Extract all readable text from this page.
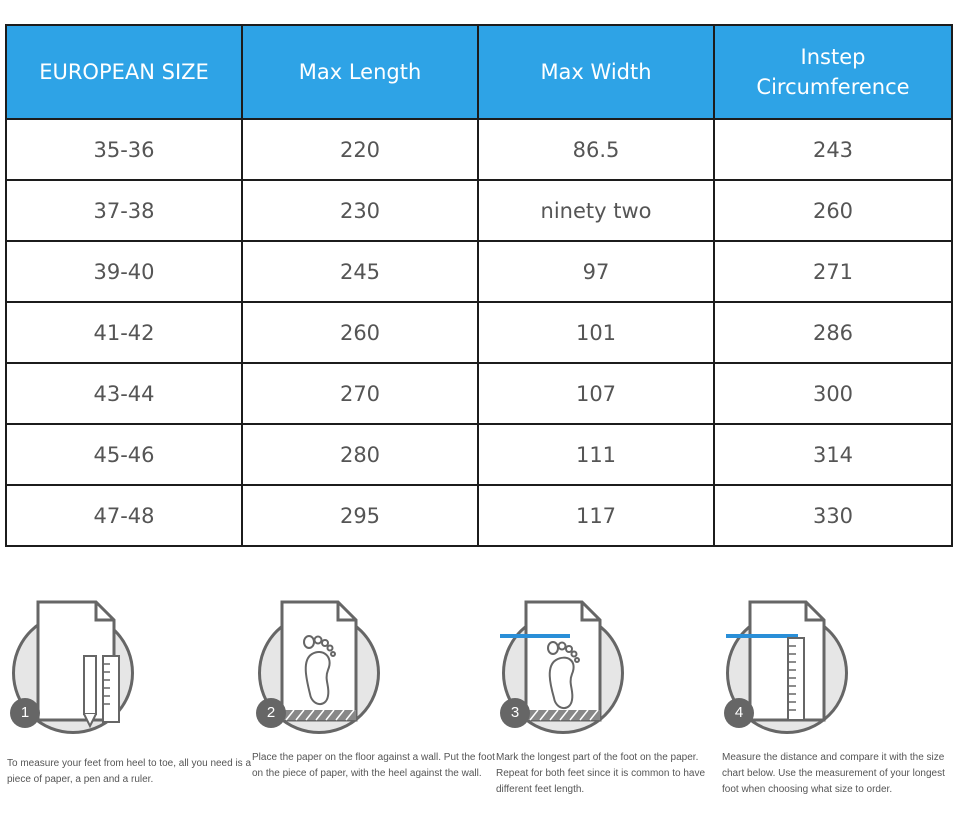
EUROPEAN SIZE	Max Length	Max Width	Instep Circumference
35-36	220	86.5	243
37-38	230	ninety two	260
39-40	245	97	271
41-42	260	101	286
43-44	270	107	300
45-46	280	111	314
47-48	295	117	330
1	2	3	4
To measure your feet from heel to toe, all you need is a piece of paper, a pen and a ruler.
Place the paper on the floor against a wall. Put the foot on the piece of paper, with the heel against the wall.
Mark the longest part of the foot on the paper. Repeat for both feet since it is common to have different feet length.
Measure the distance and compare it with the size chart below. Use the measurement of your longest foot when choosing what size to order.
